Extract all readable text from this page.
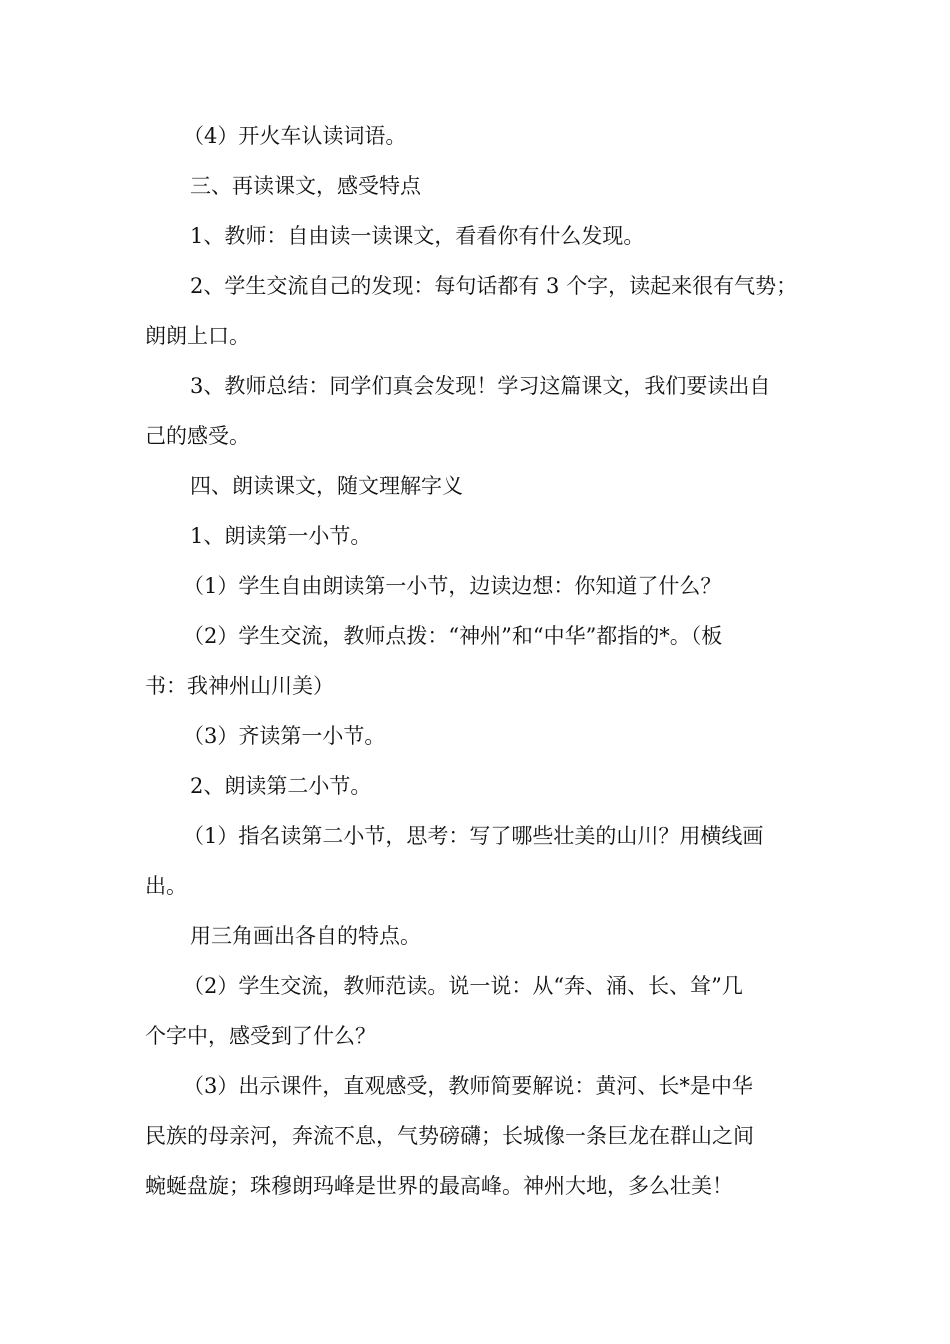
（4）开火车认读词语。
三、再读课文，感受特点
1、教师：自由读一读课文，看看你有什么发现。
2、学生交流自己的发现：每句话都有 3 个字，读起来很有气势；
朗朗上口。
3、教师总结：同学们真会发现！学习这篇课文，我们要读出自
己的感受。
四、朗读课文，随文理解字义
1、朗读第一小节。
（1）学生自由朗读第一小节，边读边想：你知道了什么？
（2）学生交流，教师点拨：“神州”和“中华”都指的*。（板
书：我神州山川美）
（3）齐读第一小节。
2、朗读第二小节。
（1）指名读第二小节，思考：写了哪些壮美的山川？用横线画
出。
用三角画出各自的特点。
（2）学生交流，教师范读。说一说：从“奔、涌、长、耸”几
个字中，感受到了什么？
（3）出示课件，直观感受，教师简要解说：黄河、长*是中华
民族的母亲河，奔流不息，气势磅礴；长城像一条巨龙在群山之间
蜿蜒盘旋；珠穆朗玛峰是世界的最高峰。神州大地，多么壮美！
